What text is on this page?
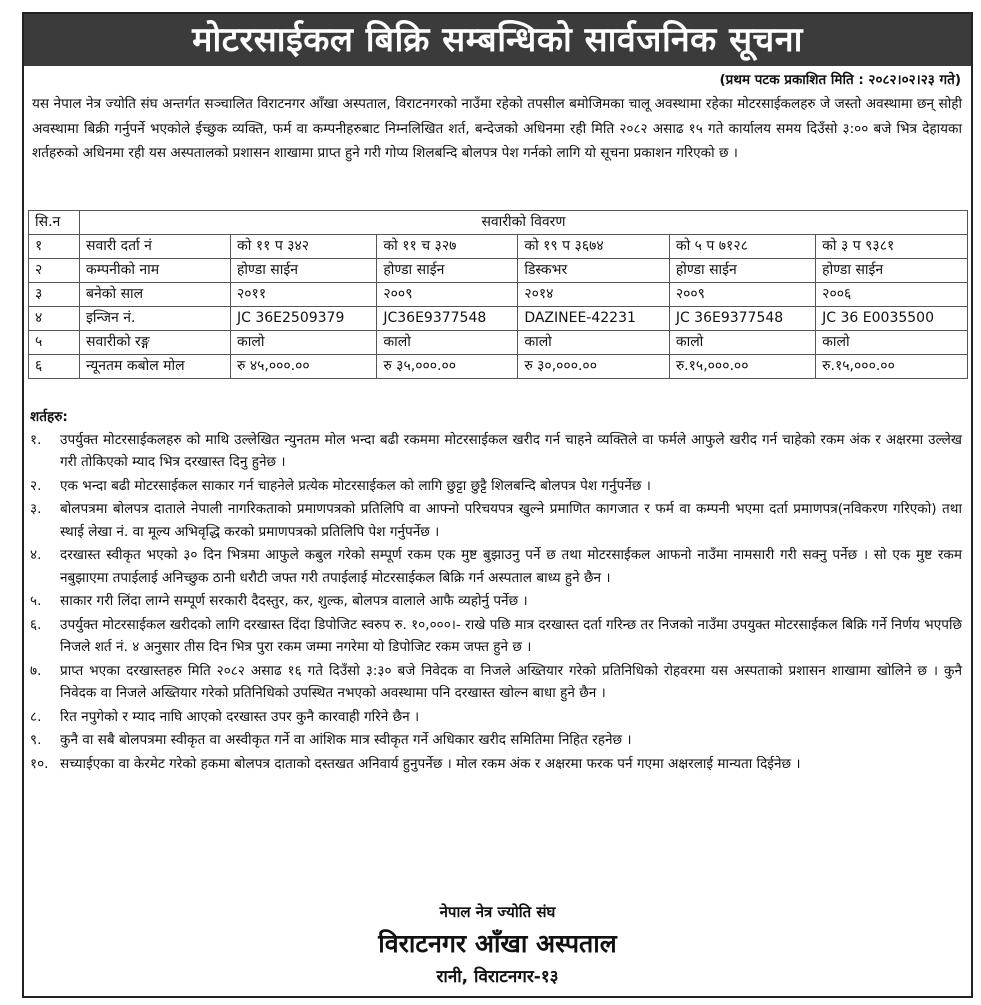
मोटरसाईकल बिक्रि सम्बन्धिको सार्वजनिक सूचना
(प्रथम पटक प्रकाशित मिति : २०८२।०२।२३ गते)
यस नेपाल नेत्र ज्योति संघ अन्तर्गत सञ्चालित विराटनगर आँखा अस्पताल, विराटनगरको नाउँमा रहेको तपसील बमोजिमका चालू अवस्थामा रहेका मोटरसाईकलहरु जे जस्तो अवस्थामा छन् सोही अवस्थामा बिक्री गर्नुपर्ने भएकोले ईच्छुक व्यक्ति, फर्म वा कम्पनीहरुबाट निम्नलिखित शर्त, बन्देजको अधिनमा रही मिति २०८२ असाढ १५ गते कार्यालय समय दिउँसो ३:०० बजे भित्र देहायका शर्तहरुको अधिनमा रही यस अस्पतालको प्रशासन शाखामा प्राप्त हुने गरी गोप्य शिलबन्दि बोलपत्र पेश गर्नको लागि यो सूचना प्रकाशन गरिएको छ ।
सि.न	सवारीको विवरण					
१	सवारी दर्ता नं	को ११ प ३४२	को ११ च ३२७	को १९ प ३६७४	को ५ प ७१२८	को ३ प ९३८१
२	कम्पनीको नाम	होण्डा साईन	होण्डा साईन	डिस्कभर	होण्डा साईन	होण्डा साईन
३	बनेको साल	२०११	२००९	२०१४	२००९	२००६
४	इन्जिन नं.	JC 36E2509379	JC36E9377548	DAZINEE-42231	JC 36E9377548	JC 36 E0035500
५	सवारीको रङ्ग	कालो	कालो	कालो	कालो	कालो
६	न्यूनतम कबोल मोल	रु ४५,०००.००	रु ३५,०००.००	रु ३०,०००.००	रु.१५,०००.००	रु.१५,०००.००
शर्तहरु:
१. उपर्युक्त मोटरसाईकलहरु को माथि उल्लेखित न्युनतम मोल भन्दा बढी रकममा मोटरसाईकल खरीद गर्न चाहने व्यक्तिले वा फर्मले आफुले खरीद गर्न चाहेको रकम अंक र अक्षरमा उल्लेख गरी तोकिएको म्याद भित्र दरखास्त दिनु हुनेछ ।
२. एक भन्दा बढी मोटरसाईकल साकार गर्न चाहनेले प्रत्येक मोटरसाईकल को लागि छुट्टा छुट्टै शिलबन्दि बोलपत्र पेश गर्नुपर्नेछ ।
३. बोलपत्रमा बोलपत्र दाताले नेपाली नागरिकताको प्रमाणपत्रको प्रतिलिपि वा आफ्नो परिचयपत्र खुल्ने प्रमाणित कागजात र फर्म वा कम्पनी भएमा दर्ता प्रमाणपत्र(नविकरण गरिएको) तथा स्थाई लेखा नं. वा मूल्य अभिवृद्धि करको प्रमाणपत्रको प्रतिलिपि पेश गर्नुपर्नेछ ।
४. दरखास्त स्वीकृत भएको ३० दिन भित्रमा आफुले कबुल गरेको सम्पूर्ण रकम एक मुष्ट बुझाउनु पर्ने छ तथा मोटरसाईकल आफनो नाउँमा नामसारी गरी सक्नु पर्नेछ । सो एक मुष्ट रकम नबुझाएमा तपाईलाई अनिच्छुक ठानी धरौटी जफ्त गरी तपाईलाई मोटरसाईकल बिक्रि गर्न अस्पताल बाध्य हुने छैन ।
५. साकार गरी लिंदा लाग्ने सम्पूर्ण सरकारी दैदस्तुर, कर, शुल्क, बोलपत्र वालाले आफै व्यहोर्नु पर्नेछ ।
६. उपर्युक्त मोटरसाईकल खरीदको लागि दरखास्त दिंदा डिपोजिट स्वरुप रु. १०,०००।- राखे पछि मात्र दरखास्त दर्ता गरिन्छ तर निजको नाउँमा उपयुक्त मोटरसाईकल बिक्रि गर्ने निर्णय भएपछि निजले शर्त नं. ४ अनुसार तीस दिन भित्र पुरा रकम जम्मा नगरेमा यो डिपोजिट रकम जफ्त हुने छ ।
७. प्राप्त भएका दरखास्तहरु मिति २०८२ असाढ १६ गते दिउँसो ३:३० बजे निवेदक वा निजले अख्तियार गरेको प्रतिनिधिको रोहवरमा यस अस्पताको प्रशासन शाखामा खोलिने छ । कुनै निवेदक वा निजले अख्तियार गरेको प्रतिनिधिको उपस्थित नभएको अवस्थामा पनि दरखास्त खोल्न बाधा हुने छैन ।
८. रित नपुगेको र म्याद नाघि आएको दरखास्त उपर कुनै कारवाही गरिने छैन ।
९. कुनै वा सबै बोलपत्रमा स्वीकृत वा अस्वीकृत गर्ने वा आंशिक मात्र स्वीकृत गर्ने अधिकार खरीद समितिमा निहित रहनेछ ।
१०. सच्याईएका वा केरमेट गरेको हकमा बोलपत्र दाताको दस्तखत अनिवार्य हुनुपर्नेछ । मोल रकम अंक र अक्षरमा फरक पर्न गएमा अक्षरलाई मान्यता दिईनेछ ।
नेपाल नेत्र ज्योति संघ
विराटनगर आँखा अस्पताल
रानी, विराटनगर-१३
